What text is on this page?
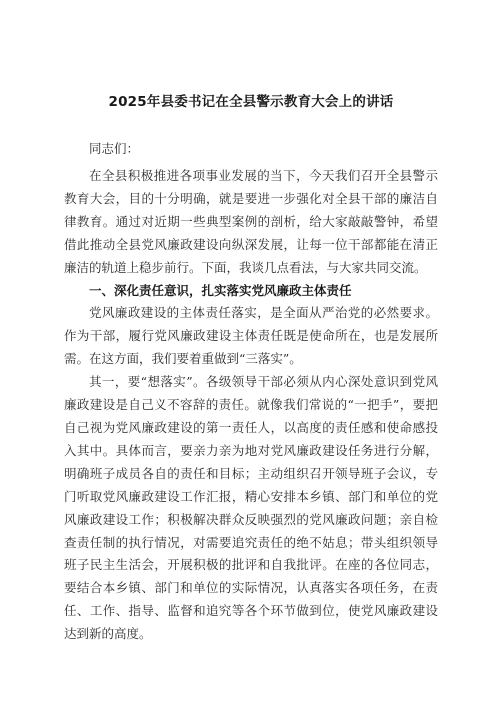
2025年县委书记在全县警示教育大会上的讲话

同志们：

在全县积极推进各项事业发展的当下，今天我们召开全县警示教育大会，目的十分明确，就是要进一步强化对全县干部的廉洁自律教育。通过对近期一些典型案例的剖析，给大家敲敲警钟，希望借此推动全县党风廉政建设向纵深发展，让每一位干部都能在清正廉洁的轨道上稳步前行。下面，我谈几点看法，与大家共同交流。

一、深化责任意识，扎实落实党风廉政主体责任

党风廉政建设的主体责任落实，是全面从严治党的必然要求。作为干部，履行党风廉政建设主体责任既是使命所在，也是发展所需。在这方面，我们要着重做到“三落实”。

其一，要“想落实”。各级领导干部必须从内心深处意识到党风廉政建设是自己义不容辞的责任。就像我们常说的“一把手”，要把自己视为党风廉政建设的第一责任人，以高度的责任感和使命感投入其中。具体而言，要亲力亲为地对党风廉政建设任务进行分解，明确班子成员各自的责任和目标；主动组织召开领导班子会议，专门听取党风廉政建设工作汇报，精心安排本乡镇、部门和单位的党风廉政建设工作；积极解决群众反映强烈的党风廉政问题；亲自检查责任制的执行情况，对需要追究责任的绝不姑息；带头组织领导班子民主生活会，开展积极的批评和自我批评。在座的各位同志，要结合本乡镇、部门和单位的实际情况，认真落实各项任务，在责任、工作、指导、监督和追究等各个环节做到位，使党风廉政建设达到新的高度。
